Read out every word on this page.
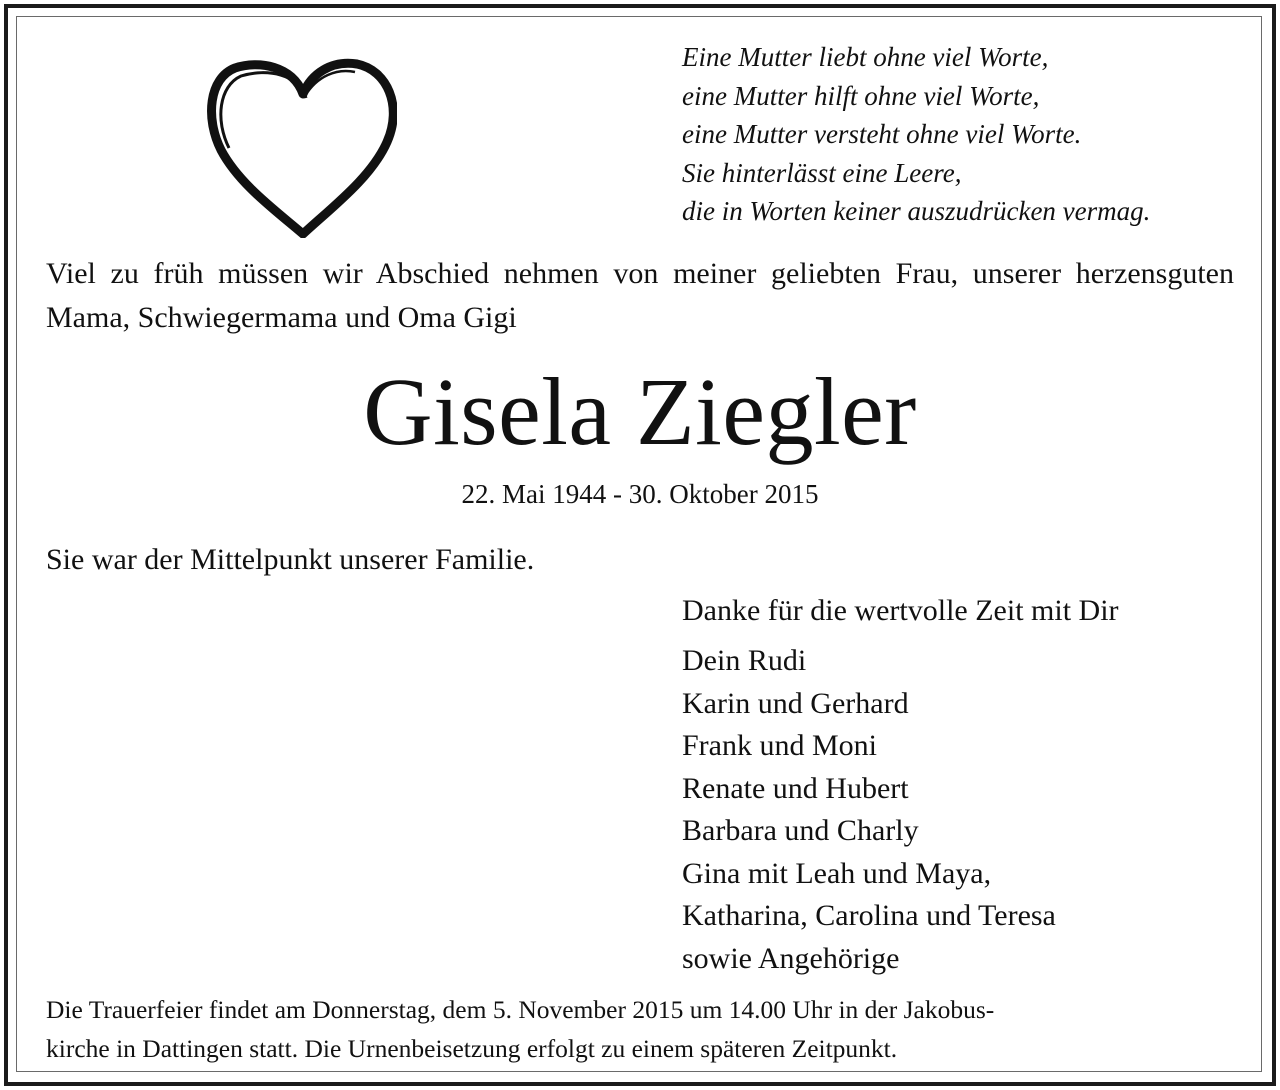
Eine Mutter liebt ohne viel Worte,
eine Mutter hilft ohne viel Worte,
eine Mutter versteht ohne viel Worte.
Sie hinterlässt eine Leere,
die in Worten keiner auszudrücken vermag.
Viel zu früh müssen wir Abschied nehmen von meiner geliebten Frau, unserer herzensguten Mama, Schwiegermama und Oma Gigi
Gisela Ziegler
22. Mai 1944 - 30. Oktober 2015
Sie war der Mittelpunkt unserer Familie.
Danke für die wertvolle Zeit mit Dir
Dein Rudi
Karin und Gerhard
Frank und Moni
Renate und Hubert
Barbara und Charly
Gina mit Leah und Maya,
Katharina, Carolina und Teresa
sowie Angehörige
Die Trauerfeier findet am Donnerstag, dem 5. November 2015 um 14.00 Uhr in der Jakobus-
kirche in Dattingen statt. Die Urnenbeisetzung erfolgt zu einem späteren Zeitpunkt.
